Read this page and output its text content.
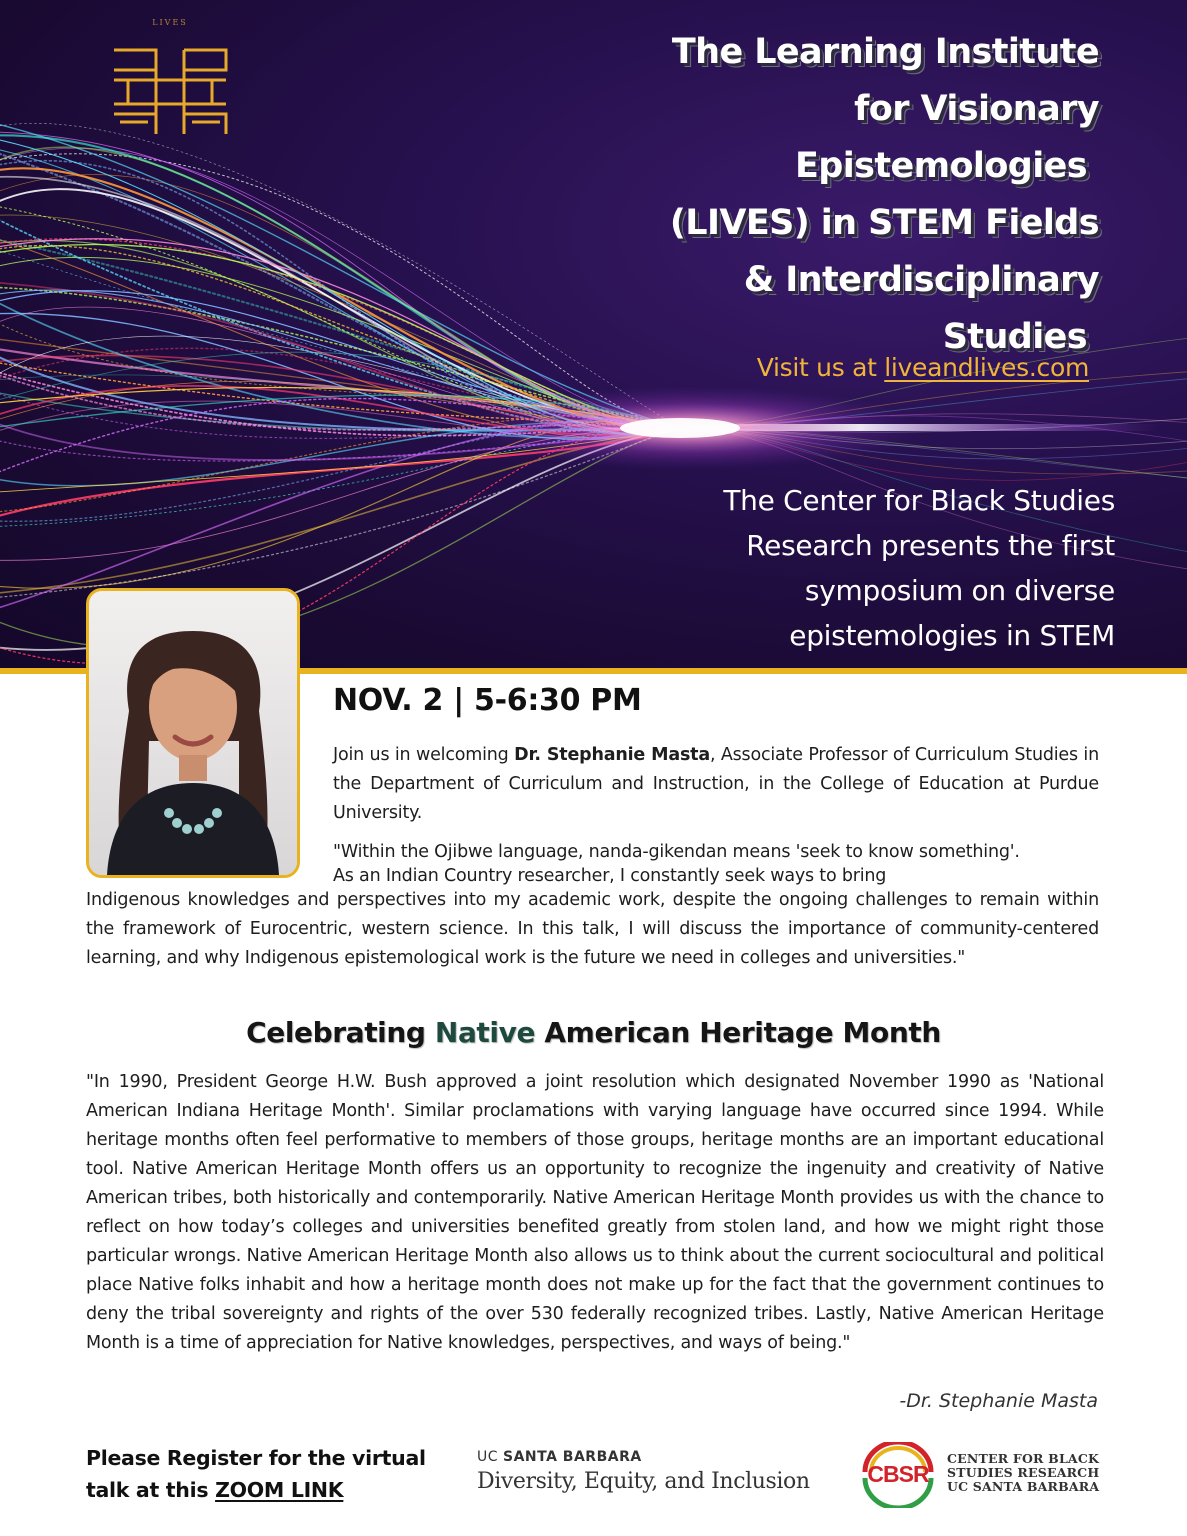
LIVES
The Learning Institute
for Visionary
Epistemologies
(LIVES) in STEM Fields
& Interdisciplinary
Studies
Visit us at liveandlives.com
The Center for Black Studies
Research presents the first
symposium on diverse
epistemologies in STEM
NOV. 2 | 5-6:30 PM

Join us in welcoming Dr. Stephanie Masta, Associate Professor of Curriculum Studies in the Department of Curriculum and Instruction, in the College of Education at Purdue University.

"Within the Ojibwe language, nanda-gikendan means 'seek to know something'.

As an Indian Country researcher, I constantly seek ways to bring

Indigenous knowledges and perspectives into my academic work, despite the ongoing challenges to remain within the framework of Eurocentric, western science. In this talk, I will discuss the importance of community-centered learning, and why Indigenous epistemological work is the future we need in colleges and universities."

Celebrating Native American Heritage Month

"In 1990, President George H.W. Bush approved a joint resolution which designated November 1990 as 'National American Indiana Heritage Month'. Similar proclamations with varying language have occurred since 1994. While heritage months often feel performative to members of those groups, heritage months are an important educational tool. Native American Heritage Month offers us an opportunity to recognize the ingenuity and creativity of Native American tribes, both historically and contemporarily. Native American Heritage Month provides us with the chance to reflect on how today’s colleges and universities benefited greatly from stolen land, and how we might right those particular wrongs. Native American Heritage Month also allows us to think about the current sociocultural and political place Native folks inhabit and how a heritage month does not make up for the fact that the government continues to deny the tribal sovereignty and rights of the over 530 federally recognized tribes. Lastly, Native American Heritage Month is a time of appreciation for Native knowledges, perspectives, and ways of being."

-Dr. Stephanie Masta
Please Register for the virtual
talk at this ZOOM LINK
UC SANTA BARBARA
Diversity, Equity, and Inclusion	CBSR
CENTER FOR BLACK
STUDIES RESEARCH
UC SANTA BARBARA
